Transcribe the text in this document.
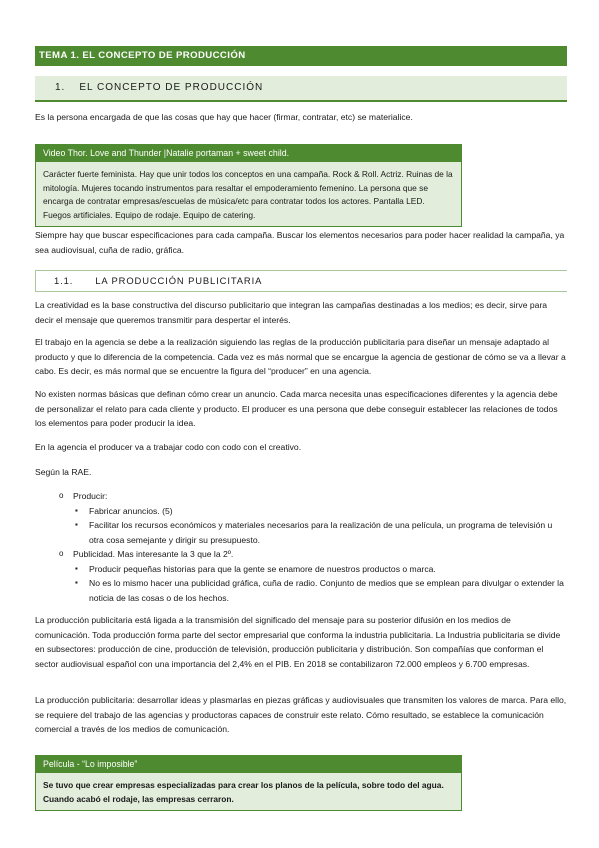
TEMA 1. EL CONCEPTO DE PRODUCCIÓN
1. EL CONCEPTO DE PRODUCCIÓN

Es la persona encargada de que las cosas que hay que hacer (firmar, contratar, etc) se materialice.

Video Thor. Love and Thunder |Natalie portaman + sweet child.
Carácter fuerte feminista. Hay que unir todos los conceptos en una campaña. Rock & Roll. Actriz. Ruinas de la mitología. Mujeres tocando instrumentos para resaltar el empoderamiento femenino. La persona que se encarga de contratar empresas/escuelas de música/etc para contratar todos los actores. Pantalla LED. Fuegos artificiales. Equipo de rodaje. Equipo de catering.

Siempre hay que buscar especificaciones para cada campaña. Buscar los elementos necesarios para poder hacer realidad la campaña, ya sea audiovisual, cuña de radio, gráfica.

1.1. LA PRODUCCIÓN PUBLICITARIA

La creatividad es la base constructiva del discurso publicitario que integran las campañas destinadas a los medios; es decir, sirve para decir el mensaje que queremos transmitir para despertar el interés.

El trabajo en la agencia se debe a la realización siguiendo las reglas de la producción publicitaria para diseñar un mensaje adaptado al producto y que lo diferencia de la competencia. Cada vez es más normal que se encargue la agencia de gestionar de cómo se va a llevar a cabo. Es decir, es más normal que se encuentre la figura del “producer” en una agencia.

No existen normas básicas que definan cómo crear un anuncio. Cada marca necesita unas especificaciones diferentes y la agencia debe de personalizar el relato para cada cliente y producto. El producer es una persona que debe conseguir establecer las relaciones de todos los elementos para poder producir la idea.

En la agencia el producer va a trabajar codo con codo con el creativo.

Según la RAE.

o Producir:
▪ Fabricar anuncios. (5)
▪ Facilitar los recursos económicos y materiales necesarios para la realización de una película, un programa de televisión u otra cosa semejante y dirigir su presupuesto.
o Publicidad. Mas interesante la 3 que la 2º.
▪ Producir pequeñas historias para que la gente se enamore de nuestros productos o marca.
▪ No es lo mismo hacer una publicidad gráfica, cuña de radio. Conjunto de medios que se emplean para divulgar o extender la noticia de las cosas o de los hechos.

La producción publicitaria está ligada a la transmisión del significado del mensaje para su posterior difusión en los medios de comunicación. Toda producción forma parte del sector empresarial que conforma la industria publicitaria. La Industria publicitaria se divide en subsectores: producción de cine, producción de televisión, producción publicitaria y distribución. Son compañías que conforman el sector audiovisual español con una importancia del 2,4% en el PIB. En 2018 se contabilizaron 72.000 empleos y 6.700 empresas.

La producción publicitaria: desarrollar ideas y plasmarlas en piezas gráficas y audiovisuales que transmiten los valores de marca. Para ello, se requiere del trabajo de las agencias y productoras capaces de construir este relato. Cómo resultado, se establece la comunicación comercial a través de los medios de comunicación.

Película - “Lo imposible”
Se tuvo que crear empresas especializadas para crear los planos de la película, sobre todo del agua. Cuando acabó el rodaje, las empresas cerraron.
